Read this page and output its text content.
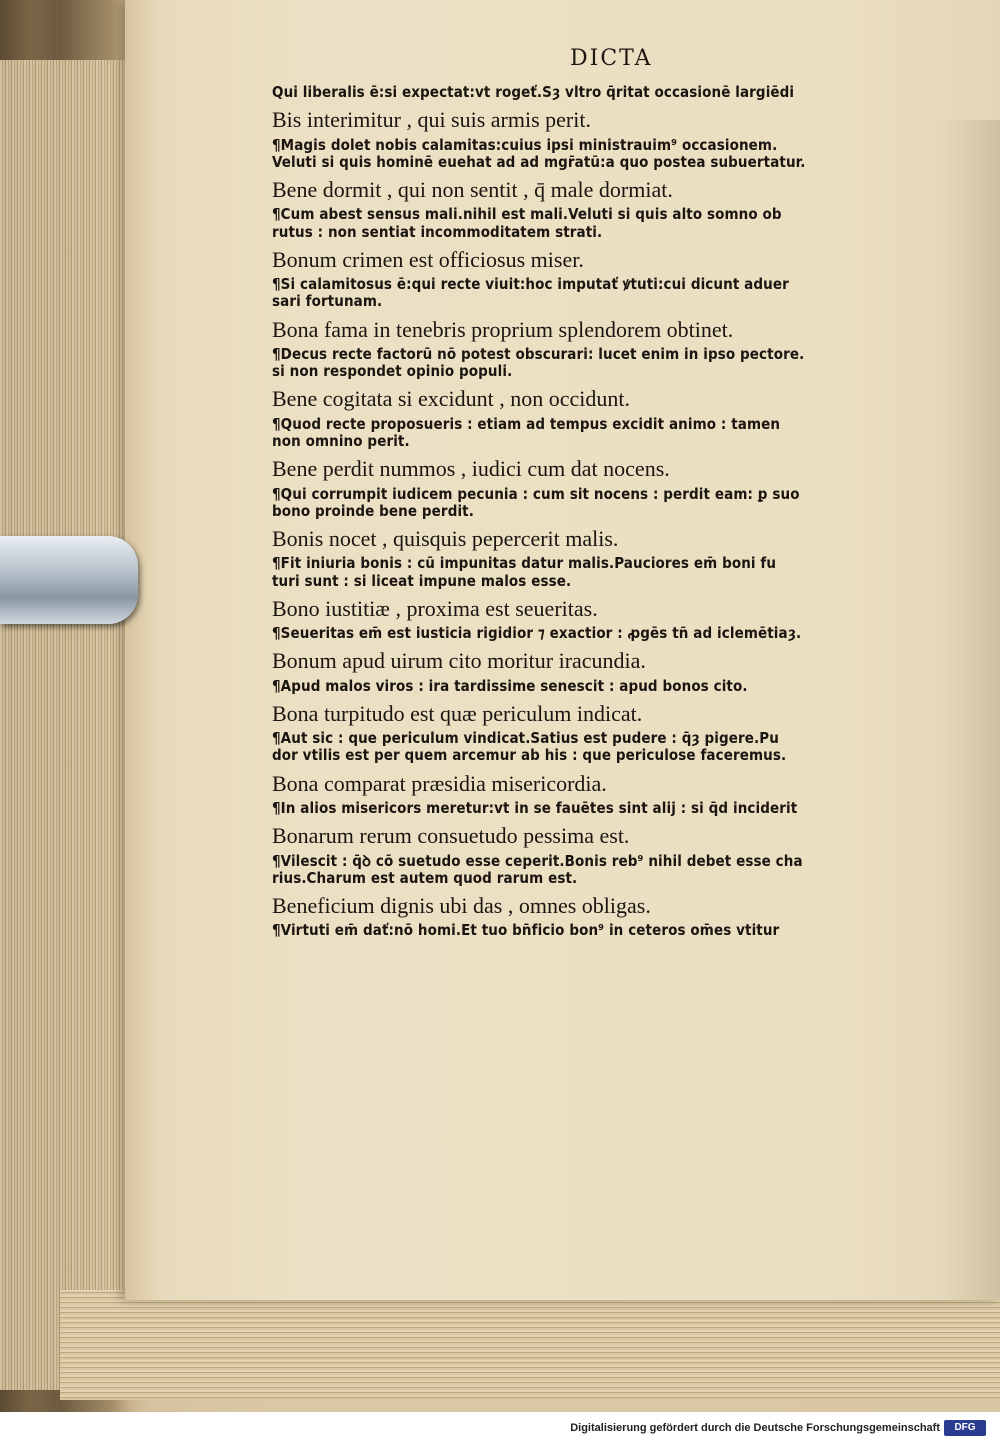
DICTA
Qui liberalis ē:si expectat:vt rogeť.Sȝ vltro q̄ritat occasionē largiēdi
Bis interimitur , qui suis armis perit.
¶Magis dolet nobis calamitas:cuius ipsi ministrauim⁹ occasionem.
Veluti si quis hominē euehat ad ad mgr̄atū:a quo postea subuertatur.
Bene dormit , qui non sentit , q̄ male dormiat.
¶Cum abest sensus mali.nihil est mali.Veluti si quis alto somno ob
rutus : non sentiat incommoditatem strati.
Bonum crimen est officiosus miser.
¶Si calamitosus ē:qui recte viuit:hoc imputať ꝟtuti:cui dicunt aduer
sari fortunam.
Bona fama in tenebris proprium splendorem obtinet.
¶Decus recte factorū nō potest obscurari: lucet enim in ipso pectore.
si non respondet opinio populi.
Bene cogitata si excidunt , non occidunt.
¶Quod recte proposueris : etiam ad tempus excidit animo : tamen
non omnino perit.
Bene perdit nummos , iudici cum dat nocens.
¶Qui corrumpit iudicem pecunia : cum sit nocens : perdit eam: ꝑ suo
bono proinde bene perdit.
Bonis nocet , quisquis pepercerit malis.
¶Fit iniuria bonis : cū impunitas datur malis.Pauciores em̄ boni fu
turi sunt : si liceat impune malos esse.
Bono iustitiæ , proxima est seueritas.
¶Seueritas em̄ est iusticia rigidior ⁊ exactior : ꝓgēs tn̄ ad iclemētiaȝ.
Bonum apud uirum cito moritur iracundia.
¶Apud malos viros : ira tardissime senescit : apud bonos cito.
Bona turpitudo est quæ periculum indicat.
¶Aut sic : que periculum vindicat.Satius est pudere : q̄ȝ pigere.Pu
dor vtilis est per quem arcemur ab his : que periculose faceremus.
Bona comparat præsidia misericordia.
¶In alios misericors meretur:vt in se fauētes sint alij : si q̄d inciderit
Bonarum rerum consuetudo pessima est.
¶Vilescit : q̄ꝺ cō suetudo esse ceperit.Bonis reb⁹ nihil debet esse cha
rius.Charum est autem quod rarum est.
Beneficium dignis ubi das , omnes obligas.
¶Virtuti em̄ dať:nō homi.Et tuo bn̄ficio bon⁹ in ceteros om̄es vtitur
Digitalisierung gefördert durch die Deutsche Forschungsgemeinschaft	DFG
